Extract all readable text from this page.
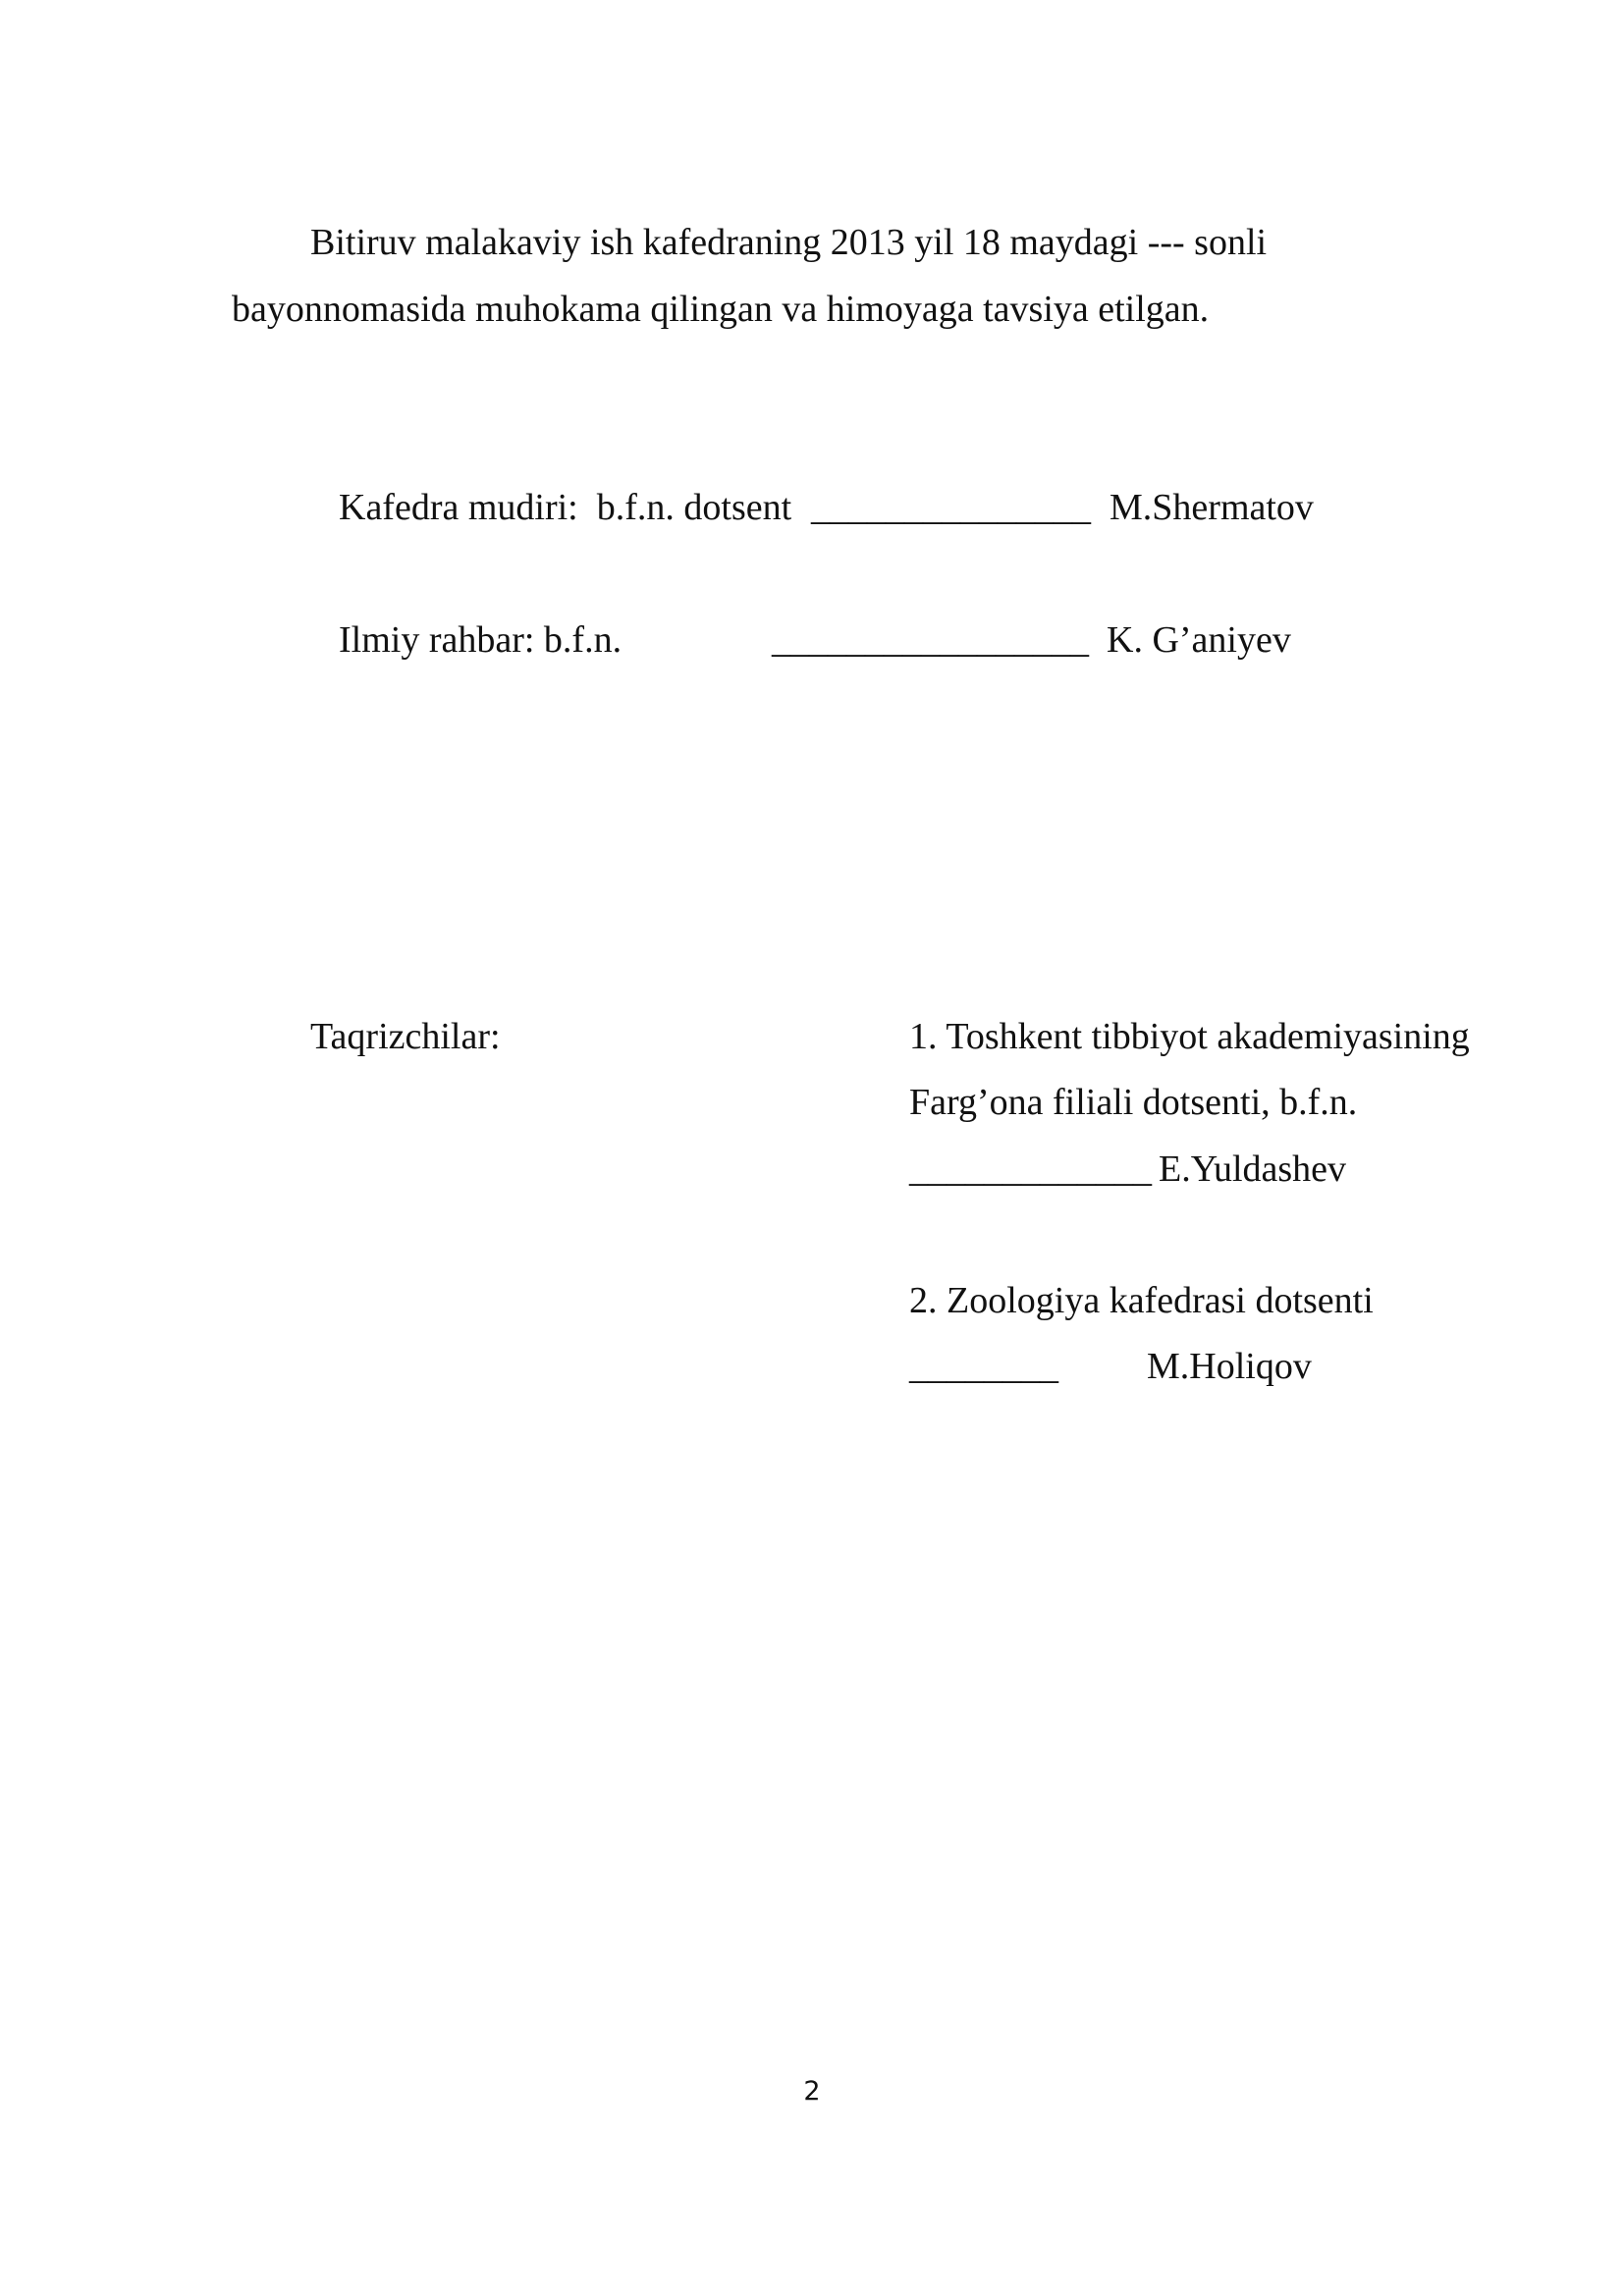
Bitiruv malakaviy ish kafedraning 2013 yil 18 maydagi --- sonli
bayonnomasida muhokama qilingan va himoyaga tavsiya etilgan.
Kafedra mudiri:  b.f.n. dotsent _______________ M.Shermatov
Ilmiy rahbar: b.f.n.	_________________ K. G’aniyev
Taqrizchilar:	1. Toshkent tibbiyot akademiyasining
Farg’ona filiali dotsenti, b.f.n.
_____________ E.Yuldashev
2. Zoologiya kafedrasi dotsenti
________ M.Holiqov
2
